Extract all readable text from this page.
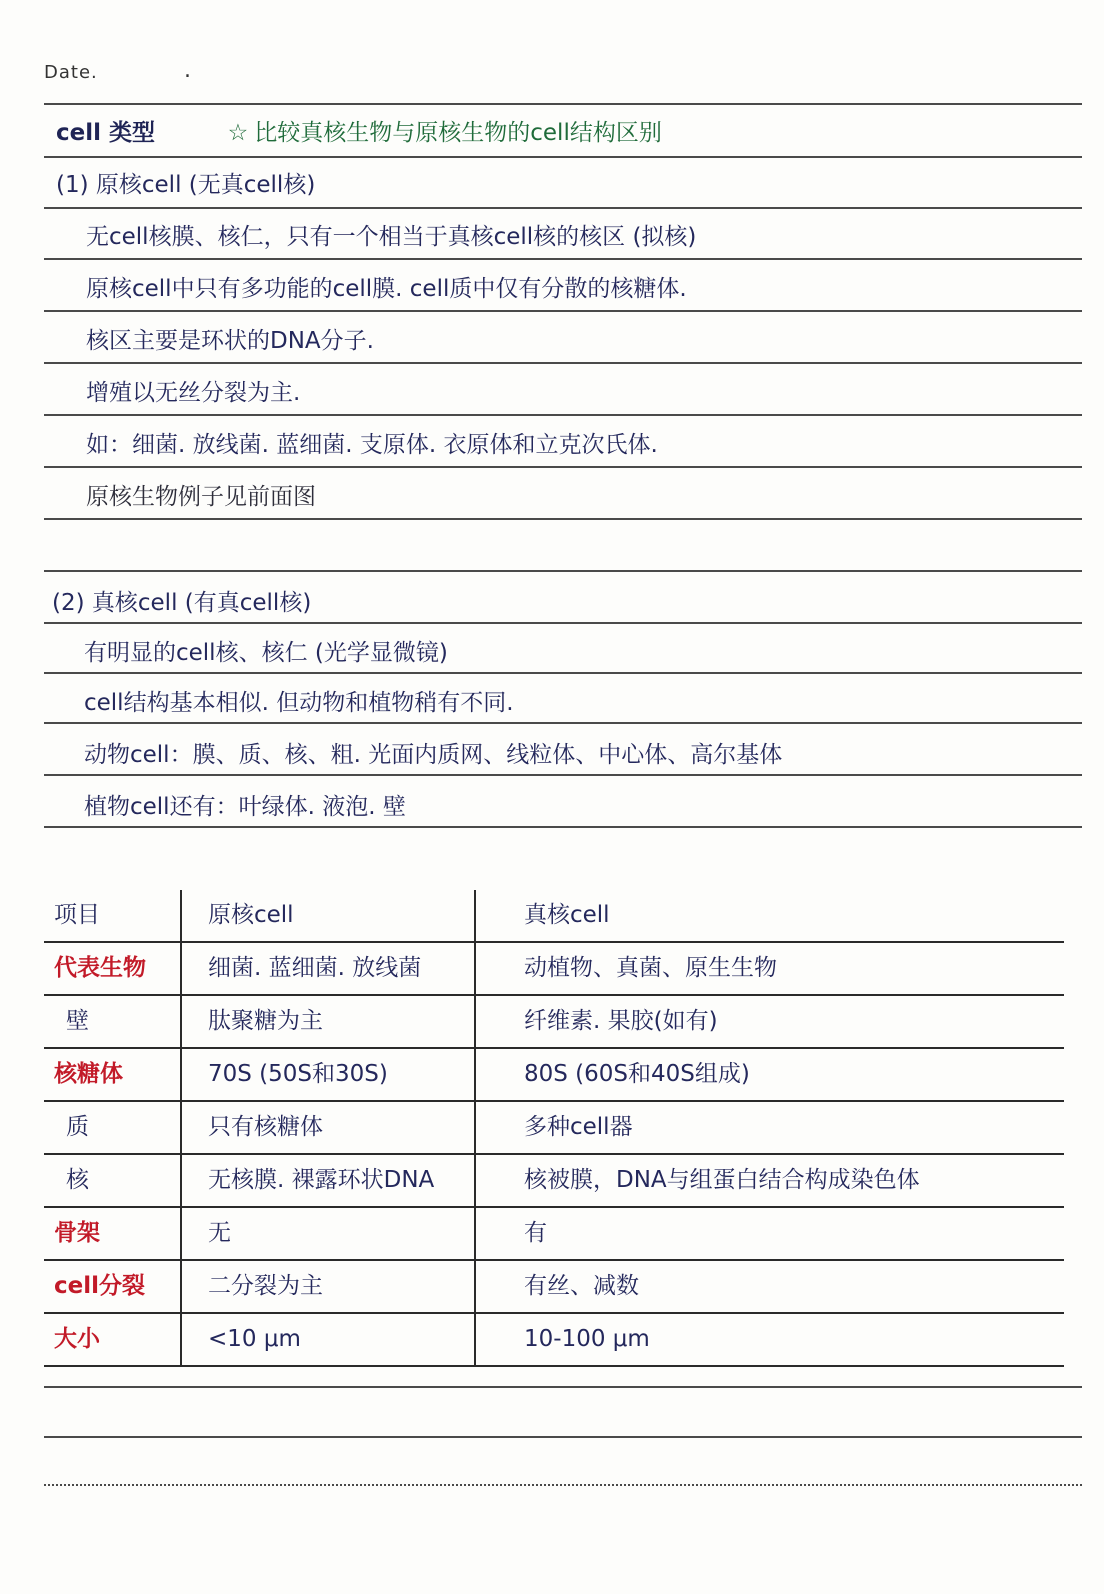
Date.	.
cell 类型	☆ 比较真核生物与原核生物的cell结构区别
(1) 原核cell (无真cell核)
无cell核膜、核仁，只有一个相当于真核cell核的核区 (拟核)
原核cell中只有多功能的cell膜. cell质中仅有分散的核糖体.
核区主要是环状的DNA分子.
增殖以无丝分裂为主.
如：细菌. 放线菌. 蓝细菌. 支原体. 衣原体和立克次氏体.
原核生物例子见前面图
(2) 真核cell (有真cell核)
有明显的cell核、核仁 (光学显微镜)
cell结构基本相似. 但动物和植物稍有不同.
动物cell：膜、质、核、粗. 光面内质网、线粒体、中心体、高尔基体
植物cell还有：叶绿体. 液泡. 壁
项目	原核cell	真核cell
代表生物	细菌. 蓝细菌. 放线菌	动植物、真菌、原生生物
壁	肽聚糖为主	纤维素. 果胶(如有)
核糖体	70S (50S和30S)	80S (60S和40S组成)
质	只有核糖体	多种cell器
核	无核膜. 裸露环状DNA	核被膜，DNA与组蛋白结合构成染色体
骨架	无	有
cell分裂	二分裂为主	有丝、减数
大小	<10 μm	10-100 μm
